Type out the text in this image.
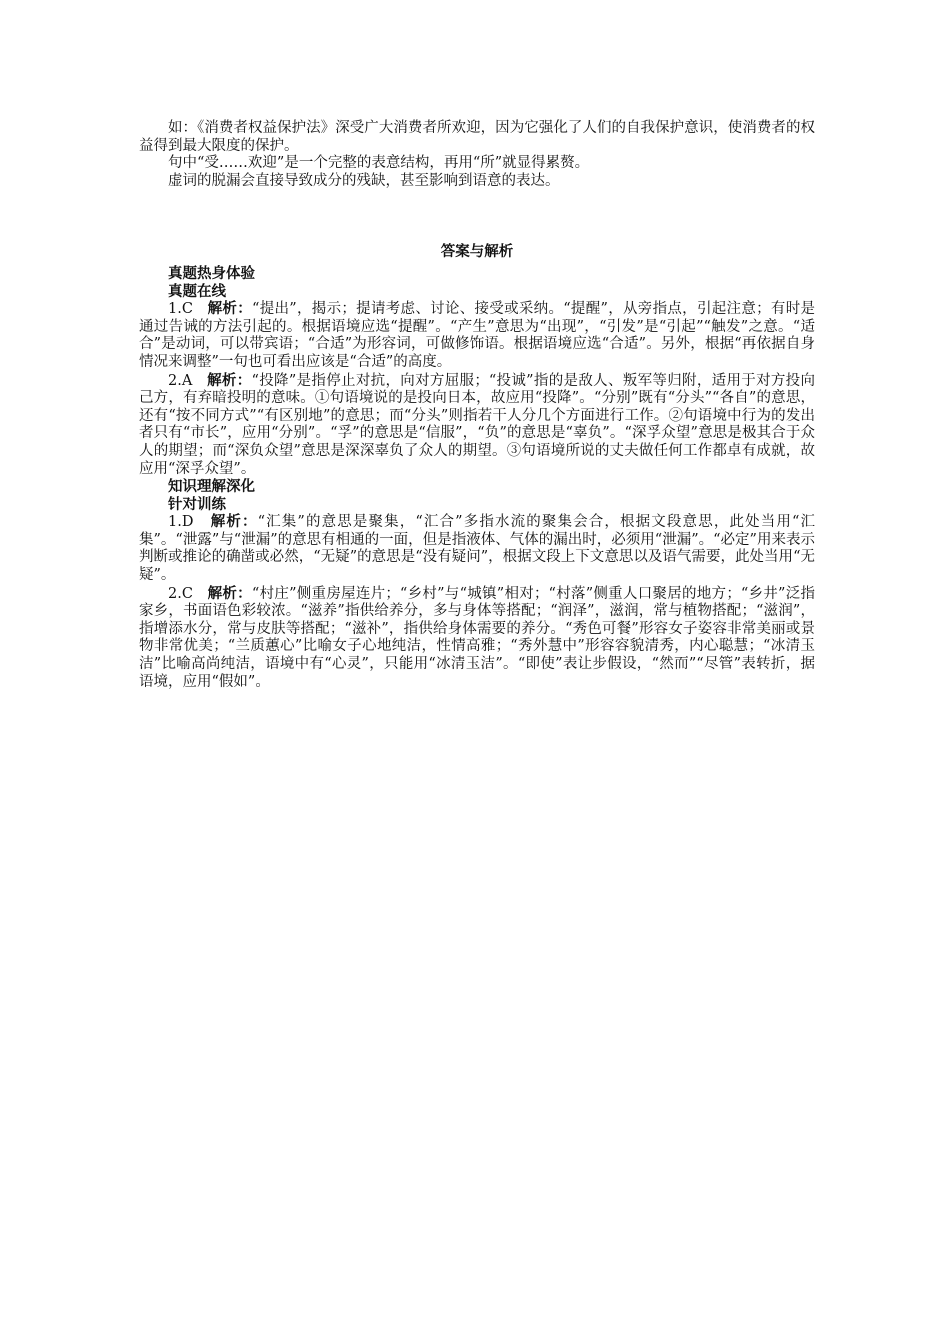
如：《消费者权益保护法》深受广大消费者所欢迎，因为它强化了人们的自我保护意识，使消费者的权益得到最大限度的保护。

句中“受……欢迎”是一个完整的表意结构，再用“所”就显得累赘。

虚词的脱漏会直接导致成分的残缺，甚至影响到语意的表达。

答案与解析

真题热身体验

真题在线

1.C 解析：“提出”，揭示；提请考虑、讨论、接受或采纳。“提醒”，从旁指点，引起注意；有时是通过告诫的方法引起的。根据语境应选“提醒”。“产生”意思为“出现”，“引发”是“引起”“触发”之意。“适合”是动词，可以带宾语；“合适”为形容词，可做修饰语。根据语境应选“合适”。另外，根据“再依据自身情况来调整”一句也可看出应该是“合适”的高度。

2.A 解析：“投降”是指停止对抗，向对方屈服；“投诚”指的是敌人、叛军等归附，适用于对方投向己方，有弃暗投明的意味。①句语境说的是投向日本，故应用“投降”。“分别”既有“分头”“各自”的意思，还有“按不同方式”“有区别地”的意思；而“分头”则指若干人分几个方面进行工作。②句语境中行为的发出者只有“市长”，应用“分别”。“孚”的意思是“信服”，“负”的意思是“辜负”。“深孚众望”意思是极其合于众人的期望；而“深负众望”意思是深深辜负了众人的期望。③句语境所说的丈夫做任何工作都卓有成就，故应用“深孚众望”。

知识理解深化

针对训练

1.D 解析：“汇集”的意思是聚集，“汇合”多指水流的聚集会合，根据文段意思，此处当用“汇集”。“泄露”与“泄漏”的意思有相通的一面，但是指液体、气体的漏出时，必须用“泄漏”。“必定”用来表示判断或推论的确凿或必然，“无疑”的意思是“没有疑问”，根据文段上下文意思以及语气需要，此处当用“无疑”。

2.C 解析：“村庄”侧重房屋连片；“乡村”与“城镇”相对；“村落”侧重人口聚居的地方；“乡井”泛指家乡，书面语色彩较浓。“滋养”指供给养分，多与身体等搭配；“润泽”，滋润，常与植物搭配；“滋润”，指增添水分，常与皮肤等搭配；“滋补”，指供给身体需要的养分。“秀色可餐”形容女子姿容非常美丽或景物非常优美；“兰质蕙心”比喻女子心地纯洁，性情高雅；“秀外慧中”形容容貌清秀，内心聪慧；“冰清玉洁”比喻高尚纯洁，语境中有“心灵”，只能用“冰清玉洁”。“即使”表让步假设，“然而”“尽管”表转折，据语境，应用“假如”。
